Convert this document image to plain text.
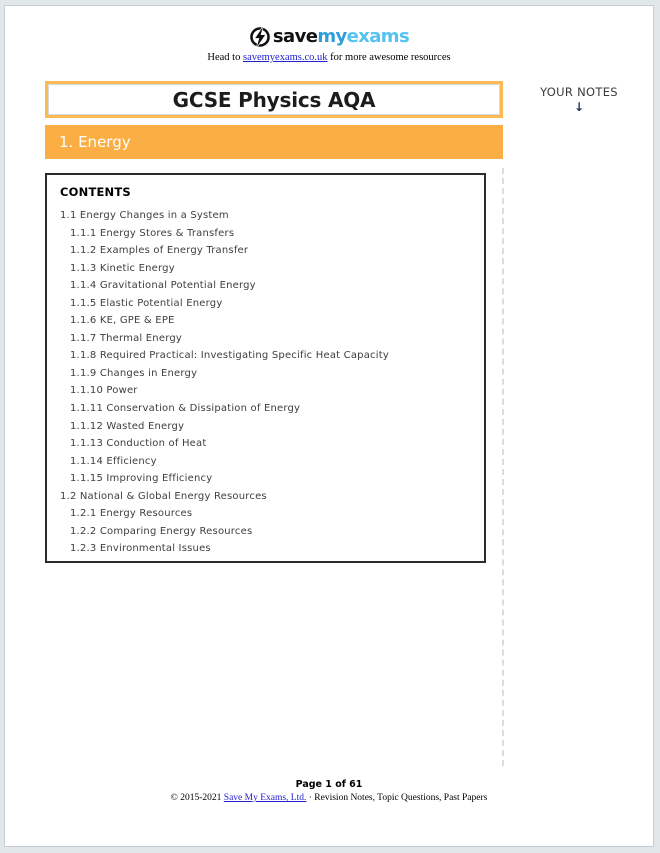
savemyexams
Head to savemyexams.co.uk for more awesome resources
GCSE Physics AQA
1. Energy
YOUR NOTES
↓
CONTENTS
1.1 Energy Changes in a System
1.1.1 Energy Stores & Transfers
1.1.2 Examples of Energy Transfer
1.1.3 Kinetic Energy
1.1.4 Gravitational Potential Energy
1.1.5 Elastic Potential Energy
1.1.6 KE, GPE & EPE
1.1.7 Thermal Energy
1.1.8 Required Practical: Investigating Specific Heat Capacity
1.1.9 Changes in Energy
1.1.10 Power
1.1.11 Conservation & Dissipation of Energy
1.1.12 Wasted Energy
1.1.13 Conduction of Heat
1.1.14 Efficiency
1.1.15 Improving Efficiency
1.2 National & Global Energy Resources
1.2.1 Energy Resources
1.2.2 Comparing Energy Resources
1.2.3 Environmental Issues
Page 1 of 61
© 2015-2021 Save My Exams, Ltd. · Revision Notes, Topic Questions, Past Papers
